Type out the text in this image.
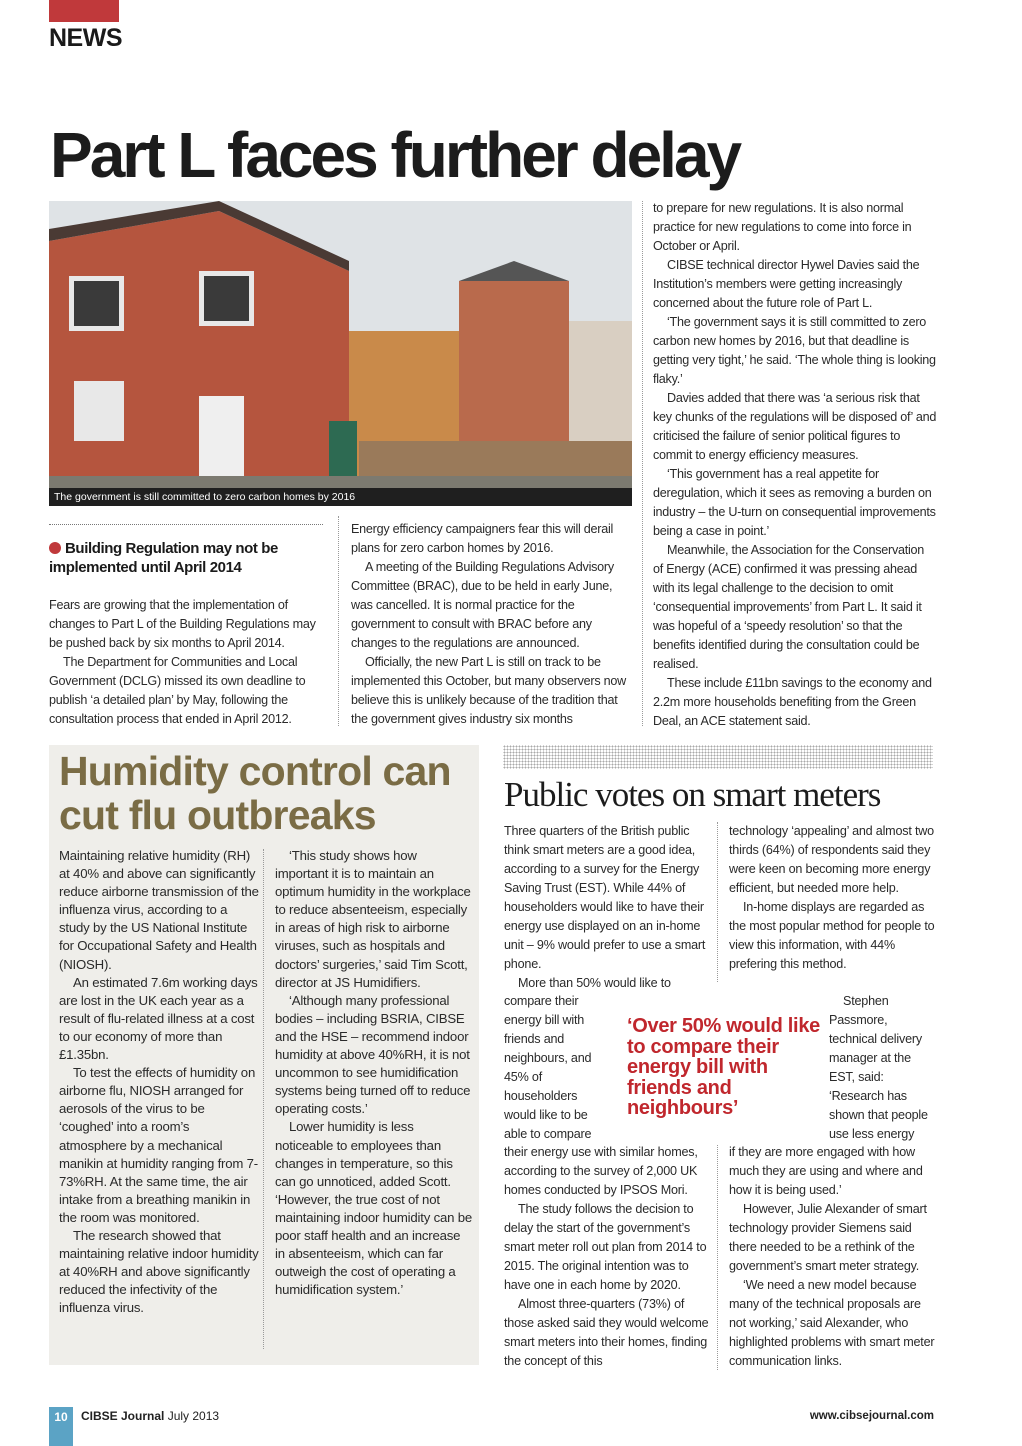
NEWS
Part L faces further delay
The government is still committed to zero carbon homes by 2016
Building Regulation may not be implemented until April 2014

Fears are growing that the implementation of changes to Part L of the Building Regulations may be pushed back by six months to April 2014.

The Department for Communities and Local Government (DCLG) missed its own deadline to publish ‘a detailed plan’ by May, following the consultation process that ended in April 2012.

Energy efficiency campaigners fear this will derail plans for zero carbon homes by 2016.

A meeting of the Building Regulations Advisory Committee (BRAC), due to be held in early June, was cancelled. It is normal practice for the government to consult with BRAC before any changes to the regulations are announced.

Officially, the new Part L is still on track to be implemented this October, but many observers now believe this is unlikely because of the tradition that the government gives industry six months

to prepare for new regulations. It is also normal practice for new regulations to come into force in October or April.

CIBSE technical director Hywel Davies said the Institution’s members were getting increasingly concerned about the future role of Part L.

‘The government says it is still committed to zero carbon new homes by 2016, but that deadline is getting very tight,’ he said. ‘The whole thing is looking flaky.’

Davies added that there was ‘a serious risk that key chunks of the regulations will be disposed of’ and criticised the failure of senior political figures to commit to energy efficiency measures.

‘This government has a real appetite for deregulation, which it sees as removing a burden on industry – the U-turn on consequential improvements being a case in point.’

Meanwhile, the Association for the Conservation of Energy (ACE) confirmed it was pressing ahead with its legal challenge to the decision to omit ‘consequential improvements’ from Part L. It said it was hopeful of a ‘speedy resolution’ so that the benefits identified during the consultation could be realised.

These include £11bn savings to the economy and 2.2m more households benefiting from the Green Deal, an ACE statement said.

Humidity control can cut flu outbreaks

Maintaining relative humidity (RH) at 40% and above can significantly reduce airborne transmission of the influenza virus, according to a study by the US National Institute for Occupational Safety and Health (NIOSH).

An estimated 7.6m working days are lost in the UK each year as a result of flu-related illness at a cost to our economy of more than £1.35bn.

To test the effects of humidity on airborne flu, NIOSH arranged for aerosols of the virus to be ‘coughed’ into a room’s atmosphere by a mechanical manikin at humidity ranging from 7-73%RH. At the same time, the air intake from a breathing manikin in the room was monitored.

The research showed that maintaining relative indoor humidity at 40%RH and above significantly reduced the infectivity of the influenza virus.

‘This study shows how important it is to maintain an optimum humidity in the workplace to reduce absenteeism, especially in areas of high risk to airborne viruses, such as hospitals and doctors’ surgeries,’ said Tim Scott, director at JS Humidifiers.

‘Although many professional bodies – including BSRIA, CIBSE and the HSE – recommend indoor humidity at above 40%RH, it is not uncommon to see humidification systems being turned off to reduce operating costs.’

Lower humidity is less noticeable to employees than changes in temperature, so this can go unnoticed, added Scott. ‘However, the true cost of not maintaining indoor humidity can be poor staff health and an increase in absenteeism, which can far outweigh the cost of operating a humidification system.’

Public votes on smart meters

Three quarters of the British public think smart meters are a good idea, according to a survey for the Energy Saving Trust (EST). While 44% of householders would like to have their energy use displayed on an in-home unit – 9% would prefer to use a smart phone.

More than 50% would like to

compare their energy bill with friends and neighbours, and 45% of householders would like to be able to compare

their energy use with similar homes, according to the survey of 2,000 UK homes conducted by IPSOS Mori.

The study follows the decision to delay the start of the government’s smart meter roll out plan from 2014 to 2015. The original intention was to have one in each home by 2020.

Almost three-quarters (73%) of those asked said they would welcome smart meters into their homes, finding the concept of this

technology ‘appealing’ and almost two thirds (64%) of respondents said they were keen on becoming more energy efficient, but needed more help.

In-home displays are regarded as the most popular method for people to view this information, with 44% prefering this method.

Stephen Passmore, technical delivery manager at the EST, said: ‘Research has shown that people use less energy

if they are more engaged with how much they are using and where and how it is being used.’

However, Julie Alexander of smart technology provider Siemens said there needed to be a rethink of the government’s smart meter strategy.

‘We need a new model because many of the technical proposals are not working,’ said Alexander, who highlighted problems with smart meter communication links.

‘Over 50% would like to compare their energy bill with friends and neighbours’
10	CIBSE Journal July 2013	www.cibsejournal.com
